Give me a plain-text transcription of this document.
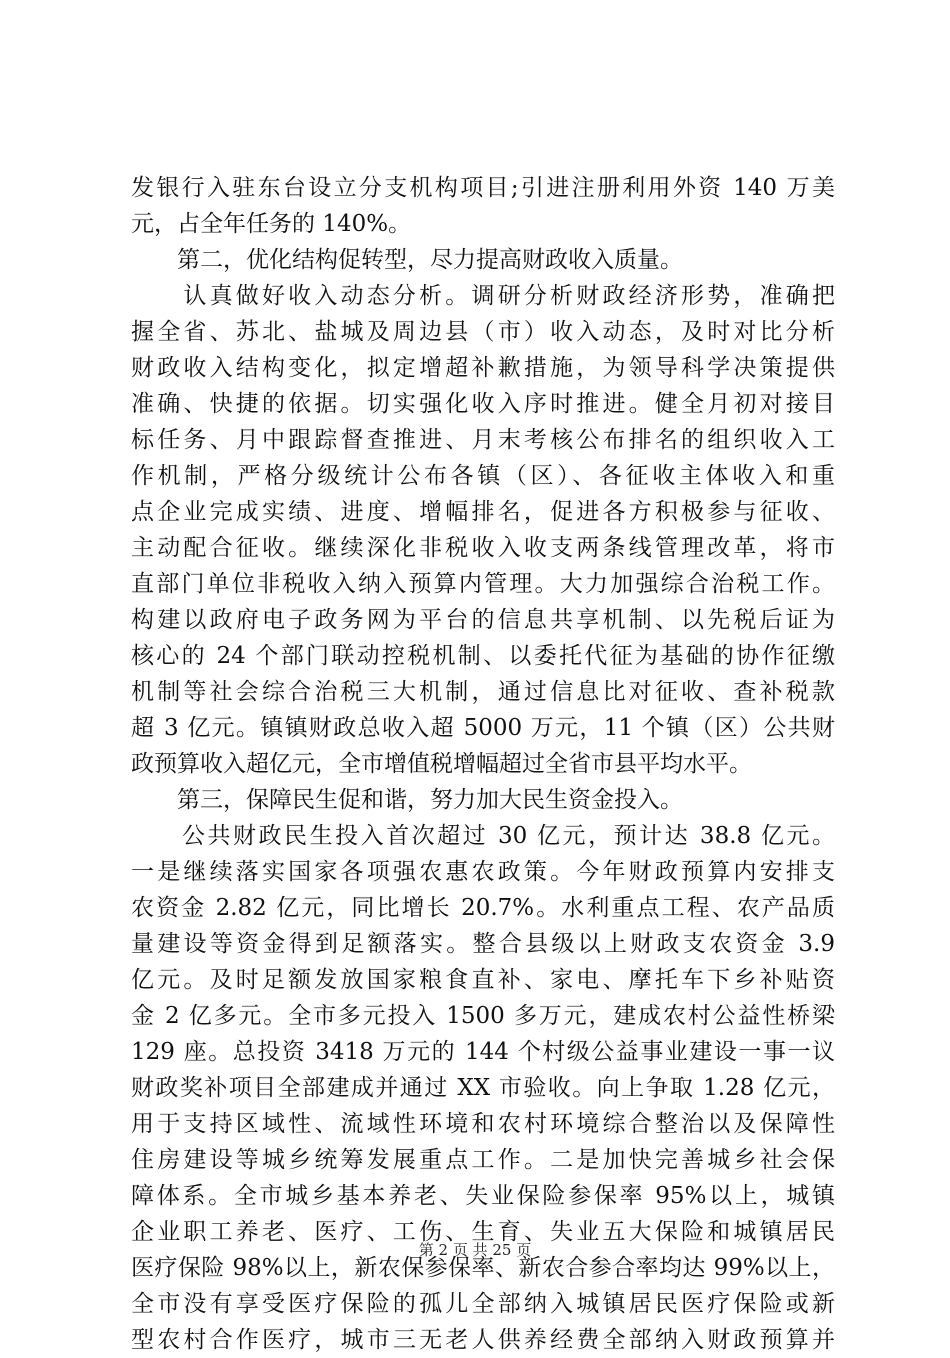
发银行入驻东台设立分支机构项目;引进注册利用外资 140 万美
元，占全年任务的 140%。
　　第二，优化结构促转型，尽力提高财政收入质量。
　　认真做好收入动态分析。调研分析财政经济形势，准确把
握全省、苏北、盐城及周边县（市）收入动态，及时对比分析
财政收入结构变化，拟定增超补歉措施，为领导科学决策提供
准确、快捷的依据。切实强化收入序时推进。健全月初对接目
标任务、月中跟踪督查推进、月末考核公布排名的组织收入工
作机制，严格分级统计公布各镇（区）、各征收主体收入和重
点企业完成实绩、进度、增幅排名，促进各方积极参与征收、
主动配合征收。继续深化非税收入收支两条线管理改革，将市
直部门单位非税收入纳入预算内管理。大力加强综合治税工作。
构建以政府电子政务网为平台的信息共享机制、以先税后证为
核心的 24 个部门联动控税机制、以委托代征为基础的协作征缴
机制等社会综合治税三大机制，通过信息比对征收、查补税款
超 3 亿元。镇镇财政总收入超 5000 万元，11 个镇（区）公共财
政预算收入超亿元，全市增值税增幅超过全省市县平均水平。
　　第三，保障民生促和谐，努力加大民生资金投入。
　　公共财政民生投入首次超过 30 亿元，预计达 38.8 亿元。
一是继续落实国家各项强农惠农政策。今年财政预算内安排支
农资金 2.82 亿元，同比增长 20.7%。水利重点工程、农产品质
量建设等资金得到足额落实。整合县级以上财政支农资金 3.9
亿元。及时足额发放国家粮食直补、家电、摩托车下乡补贴资
金 2 亿多元。全市多元投入 1500 多万元，建成农村公益性桥梁
129 座。总投资 3418 万元的 144 个村级公益事业建设一事一议
财政奖补项目全部建成并通过 XX 市验收。向上争取 1.28 亿元，
用于支持区域性、流域性环境和农村环境综合整治以及保障性
住房建设等城乡统筹发展重点工作。二是加快完善城乡社会保
障体系。全市城乡基本养老、失业保险参保率 95%以上，城镇
企业职工养老、医疗、工伤、生育、失业五大保险和城镇居民
医疗保险 98%以上，新农保参保率、新农合参合率均达 99%以上，
全市没有享受医疗保险的孤儿全部纳入城镇居民医疗保险或新
型农村合作医疗，城市三无老人供养经费全部纳入财政预算并
第 2 页 共 25 页
